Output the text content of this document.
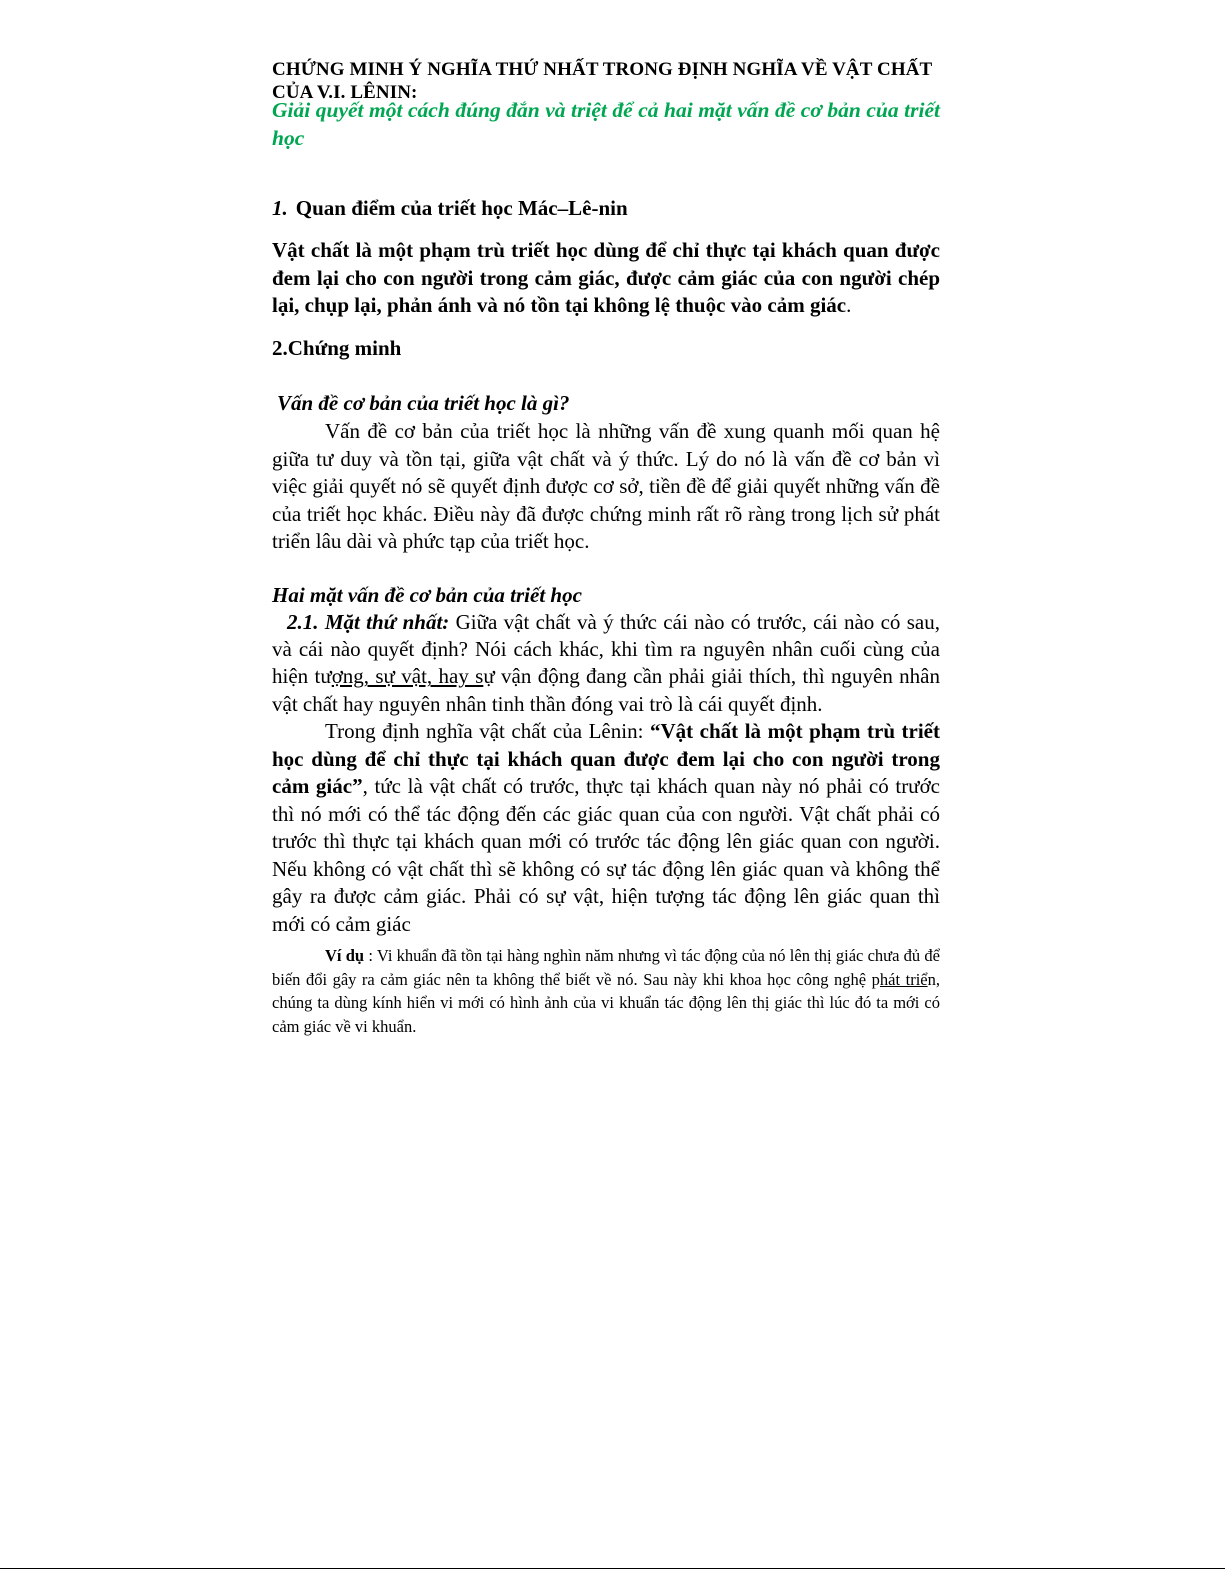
CHỨNG MINH Ý NGHĨA THỨ NHẤT TRONG ĐỊNH NGHĨA VỀ VẬT CHẤT CỦA V.I. LÊNIN:
Giải quyết một cách đúng đắn và triệt để cả hai mặt vấn đề cơ bản của triết học
1. Quan điểm của triết học Mác–Lê-nin
Vật chất là một phạm trù triết học dùng để chỉ thực tại khách quan được đem lại cho con người trong cảm giác, được cảm giác của con người chép lại, chụp lại, phản ánh và nó tồn tại không lệ thuộc vào cảm giác.
2.Chứng minh
Vấn đề cơ bản của triết học là gì?
Vấn đề cơ bản của triết học là những vấn đề xung quanh mối quan hệ giữa tư duy và tồn tại, giữa vật chất và ý thức. Lý do nó là vấn đề cơ bản vì việc giải quyết nó sẽ quyết định được cơ sở, tiền đề để giải quyết những vấn đề của triết học khác. Điều này đã được chứng minh rất rõ ràng trong lịch sử phát triển lâu dài và phức tạp của triết học.
Hai mặt vấn đề cơ bản của triết học
2.1. Mặt thứ nhất: Giữa vật chất và ý thức cái nào có trước, cái nào có sau, và cái nào quyết định? Nói cách khác, khi tìm ra nguyên nhân cuối cùng của hiện tượng, sự vật, hay sự vận động đang cần phải giải thích, thì nguyên nhân vật chất hay nguyên nhân tinh thần đóng vai trò là cái quyết định.
Trong định nghĩa vật chất của Lênin: “Vật chất là một phạm trù triết học dùng để chỉ thực tại khách quan được đem lại cho con người trong cảm giác”, tức là vật chất có trước, thực tại khách quan này nó phải có trước thì nó mới có thể tác động đến các giác quan của con người. Vật chất phải có trước thì thực tại khách quan mới có trước tác động lên giác quan con người. Nếu không có vật chất thì sẽ không có sự tác động lên giác quan và không thể gây ra được cảm giác. Phải có sự vật, hiện tượng tác động lên giác quan thì mới có cảm giác
Ví dụ : Vi khuẩn đã tồn tại hàng nghìn năm nhưng vì tác động của nó lên thị giác chưa đủ để biến đổi gây ra cảm giác nên ta không thể biết về nó. Sau này khi khoa học công nghệ phát triển, chúng ta dùng kính hiển vi mới có hình ảnh của vi khuẩn tác động lên thị giác thì lúc đó ta mới có cảm giác về vi khuẩn.
